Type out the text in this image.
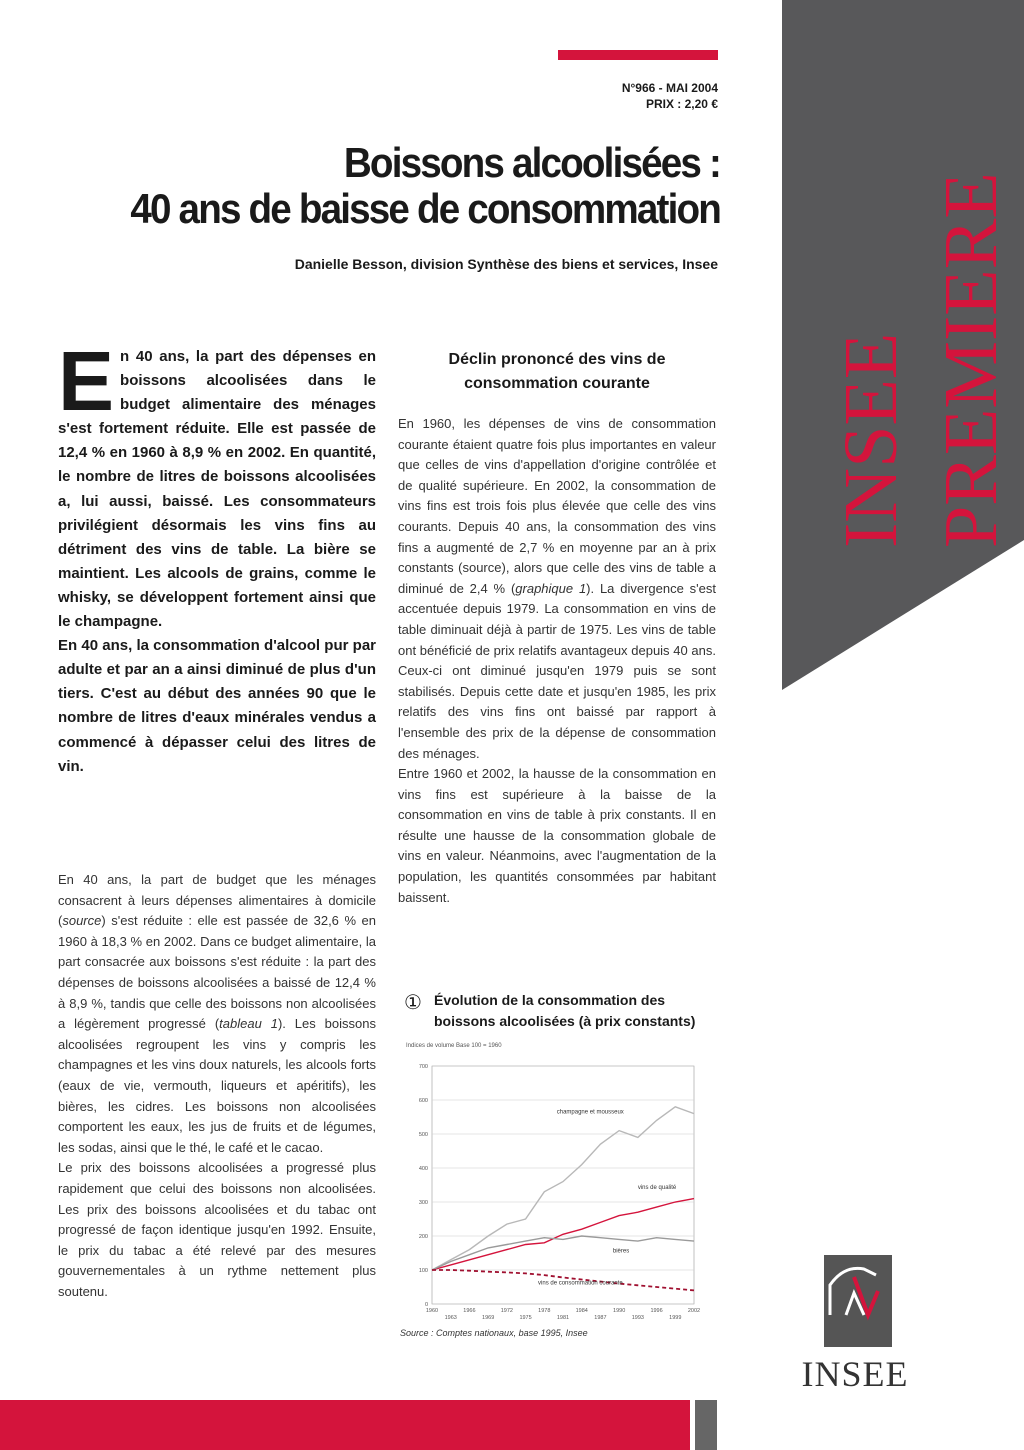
INSEE PREMIERE
N°966 - MAI 2004
PRIX : 2,20 €
Boissons alcoolisées :
40 ans de baisse de consommation
Danielle Besson, division Synthèse des biens et services, Insee
E n 40 ans, la part des dépenses en boissons alcoolisées dans le budget alimentaire des ménages s'est fortement réduite. Elle est passée de 12,4 % en 1960 à 8,9 % en 2002. En quantité, le nombre de litres de boissons alcoolisées a, lui aussi, baissé. Les consommateurs privilégient désormais les vins fins au détriment des vins de table. La bière se maintient. Les alcools de grains, comme le whisky, se développent fortement ainsi que le champagne.

En 40 ans, la consommation d'alcool pur par adulte et par an a ainsi diminué de plus d'un tiers. C'est au début des années 90 que le nombre de litres d'eaux minérales vendus a commencé à dépasser celui des litres de vin.

En 40 ans, la part de budget que les ménages consacrent à leurs dépenses alimentaires à domicile (source) s'est réduite : elle est passée de 32,6 % en 1960 à 18,3 % en 2002. Dans ce budget alimentaire, la part consacrée aux boissons s'est réduite : la part des dépenses de boissons alcoolisées a baissé de 12,4 % à 8,9 %, tandis que celle des boissons non alcoolisées a légèrement progressé (tableau 1). Les boissons alcoolisées regroupent les vins y compris les champagnes et les vins doux naturels, les alcools forts (eaux de vie, vermouth, liqueurs et apéritifs), les bières, les cidres. Les boissons non alcoolisées comportent les eaux, les jus de fruits et de légumes, les sodas, ainsi que le thé, le café et le cacao.

Le prix des boissons alcoolisées a progressé plus rapidement que celui des boissons non alcoolisées. Les prix des boissons alcoolisées et du tabac ont progressé de façon identique jusqu'en 1992. Ensuite, le prix du tabac a été relevé par des mesures gouvernementales à un rythme nettement plus soutenu.

Déclin prononcé des vins de consommation courante

En 1960, les dépenses de vins de consommation courante étaient quatre fois plus importantes en valeur que celles de vins d'appellation d'origine contrôlée et de qualité supérieure. En 2002, la consommation de vins fins est trois fois plus élevée que celle des vins courants. Depuis 40 ans, la consommation des vins fins a augmenté de 2,7 % en moyenne par an à prix constants (source), alors que celle des vins de table a diminué de 2,4 % (graphique 1). La divergence s'est accentuée depuis 1979. La consommation en vins de table diminuait déjà à partir de 1975. Les vins de table ont bénéficié de prix relatifs avantageux depuis 40 ans. Ceux-ci ont diminué jusqu'en 1979 puis se sont stabilisés. Depuis cette date et jusqu'en 1985, les prix relatifs des vins fins ont baissé par rapport à l'ensemble des prix de la dépense de consommation des ménages.

Entre 1960 et 2002, la hausse de la consommation en vins fins est supérieure à la baisse de la consommation en vins de table à prix constants. Il en résulte une hausse de la consommation globale de vins en valeur. Néanmoins, avec l'augmentation de la population, les quantités consommées par habitant baissent.

① Évolution de la consommation des boissons alcoolisées (à prix constants)
Indices de volume Base 100 = 1960
0
100
200
300
400
500
600
700
1960	1966	1972	1978	1984	1990	1996	2002
1963	1969	1975	1981	1987	1993	1999
champagne et mousseux
vins de qualité
bières
vins de consommation courante
Source : Comptes nationaux, base 1995, Insee
INSEE
